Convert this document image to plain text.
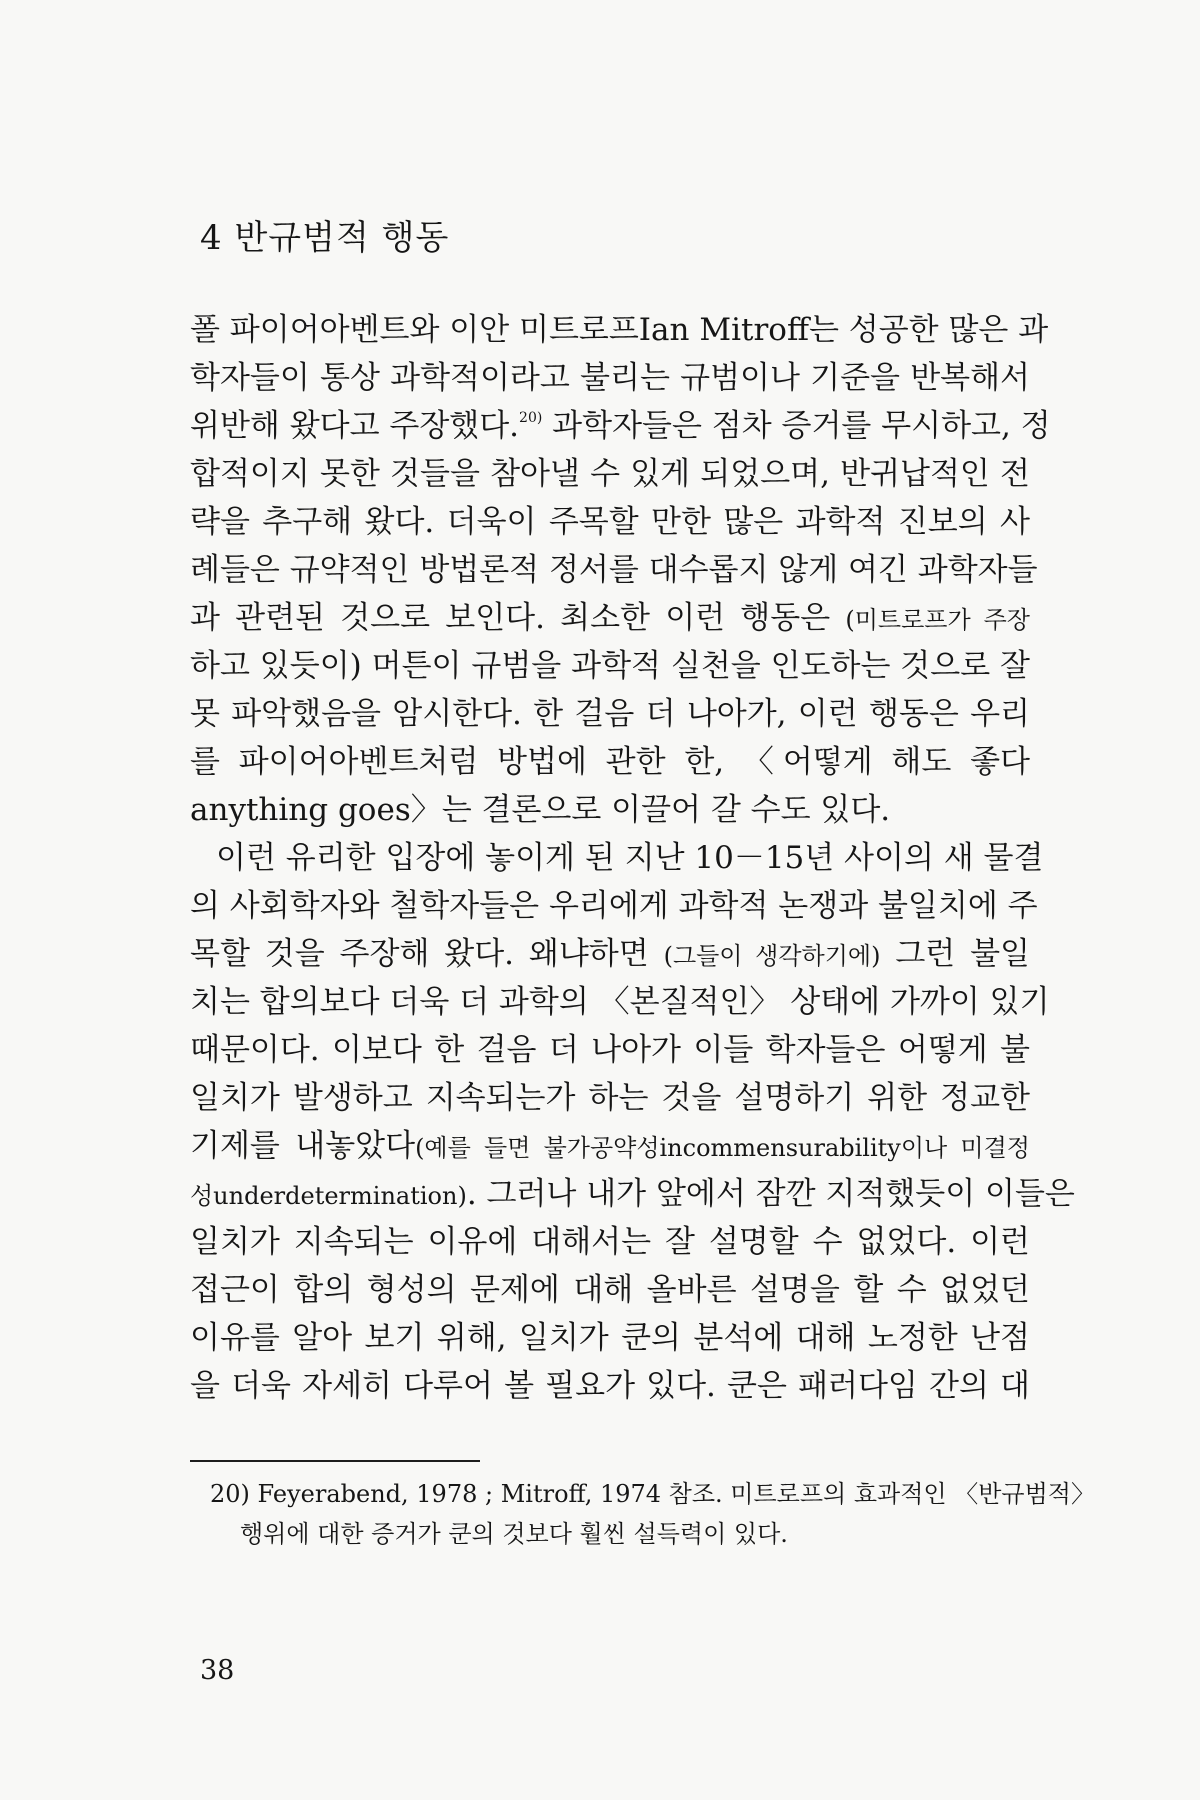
4 반규범적 행동
폴 파이어아벤트와 이안 미트로프Ian Mitroff는 성공한 많은 과
학자들이 통상 과학적이라고 불리는 규범이나 기준을 반복해서
위반해 왔다고 주장했다.$^{20)}$ 과학자들은 점차 증거를 무시하고, 정
합적이지 못한 것들을 참아낼 수 있게 되었으며, 반귀납적인 전
략을 추구해 왔다. 더욱이 주목할 만한 많은 과학적 진보의 사
례들은 규약적인 방법론적 정서를 대수롭지 않게 여긴 과학자들
과 관련된 것으로 보인다. 최소한 이런 행동은 (미트로프가 주장
하고 있듯이) 머튼이 규범을 과학적 실천을 인도하는 것으로 잘
못 파악했음을 암시한다. 한 걸음 더 나아가, 이런 행동은 우리
를 파이어아벤트처럼 방법에 관한 한, 〈어떻게 해도 좋다
anything goes〉는 결론으로 이끌어 갈 수도 있다.
이런 유리한 입장에 놓이게 된 지난 10－15년 사이의 새 물결
의 사회학자와 철학자들은 우리에게 과학적 논쟁과 불일치에 주
목할 것을 주장해 왔다. 왜냐하면 (그들이 생각하기에) 그런 불일
치는 합의보다 더욱 더 과학의 〈본질적인〉 상태에 가까이 있기
때문이다. 이보다 한 걸음 더 나아가 이들 학자들은 어떻게 불
일치가 발생하고 지속되는가 하는 것을 설명하기 위한 정교한
기제를 내놓았다(예를 들면 불가공약성incommensurability이나 미결정
성underdetermination). 그러나 내가 앞에서 잠깐 지적했듯이 이들은
일치가 지속되는 이유에 대해서는 잘 설명할 수 없었다. 이런
접근이 합의 형성의 문제에 대해 올바른 설명을 할 수 없었던
이유를 알아 보기 위해, 일치가 쿤의 분석에 대해 노정한 난점
을 더욱 자세히 다루어 볼 필요가 있다. 쿤은 패러다임 간의 대
20) Feyerabend, 1978 ; Mitroff, 1974 참조. 미트로프의 효과적인 〈반규범적〉
행위에 대한 증거가 쿤의 것보다 훨씬 설득력이 있다.
38
